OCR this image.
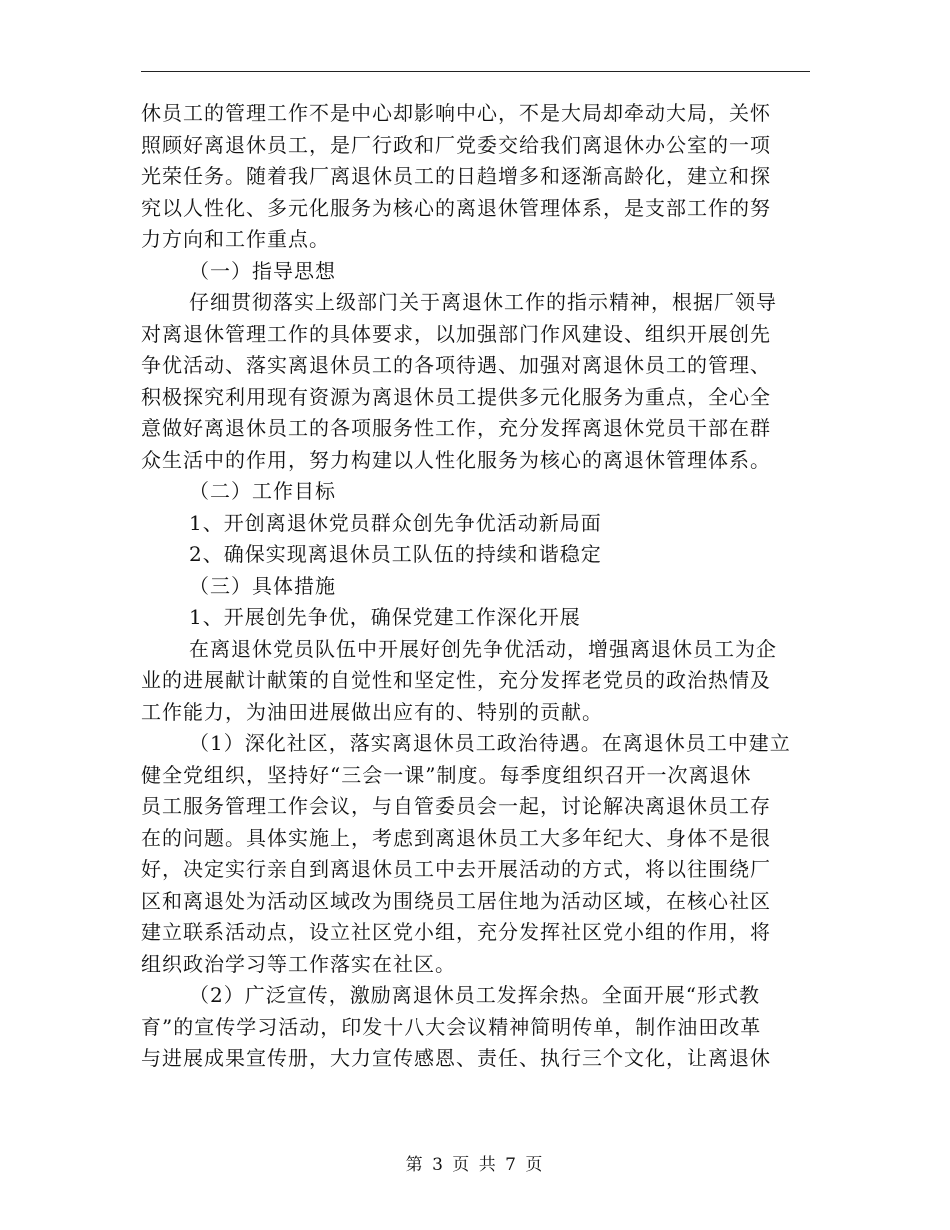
休员工的管理工作不是中心却影响中心，不是大局却牵动大局，关怀
照顾好离退休员工，是厂行政和厂党委交给我们离退休办公室的一项
光荣任务。随着我厂离退休员工的日趋增多和逐渐高龄化，建立和探
究以人性化、多元化服务为核心的离退休管理体系，是支部工作的努
力方向和工作重点。
（一）指导思想
仔细贯彻落实上级部门关于离退休工作的指示精神，根据厂领导
对离退休管理工作的具体要求，以加强部门作风建设、组织开展创先
争优活动、落实离退休员工的各项待遇、加强对离退休员工的管理、
积极探究利用现有资源为离退休员工提供多元化服务为重点，全心全
意做好离退休员工的各项服务性工作，充分发挥离退休党员干部在群
众生活中的作用，努力构建以人性化服务为核心的离退休管理体系。
（二）工作目标
1、开创离退休党员群众创先争优活动新局面
2、确保实现离退休员工队伍的持续和谐稳定
（三）具体措施
1、开展创先争优，确保党建工作深化开展
在离退休党员队伍中开展好创先争优活动，增强离退休员工为企
业的进展献计献策的自觉性和坚定性，充分发挥老党员的政治热情及
工作能力，为油田进展做出应有的、特别的贡献。
（1）深化社区，落实离退休员工政治待遇。在离退休员工中建立
健全党组织，坚持好“三会一课”制度。每季度组织召开一次离退休
员工服务管理工作会议，与自管委员会一起，讨论解决离退休员工存
在的问题。具体实施上，考虑到离退休员工大多年纪大、身体不是很
好，决定实行亲自到离退休员工中去开展活动的方式，将以往围绕厂
区和离退处为活动区域改为围绕员工居住地为活动区域，在核心社区
建立联系活动点，设立社区党小组，充分发挥社区党小组的作用，将
组织政治学习等工作落实在社区。
（2）广泛宣传，激励离退休员工发挥余热。全面开展“形式教
育”的宣传学习活动，印发十八大会议精神简明传单，制作油田改革
与进展成果宣传册，大力宣传感恩、责任、执行三个文化，让离退休
第 3 页 共 7 页
